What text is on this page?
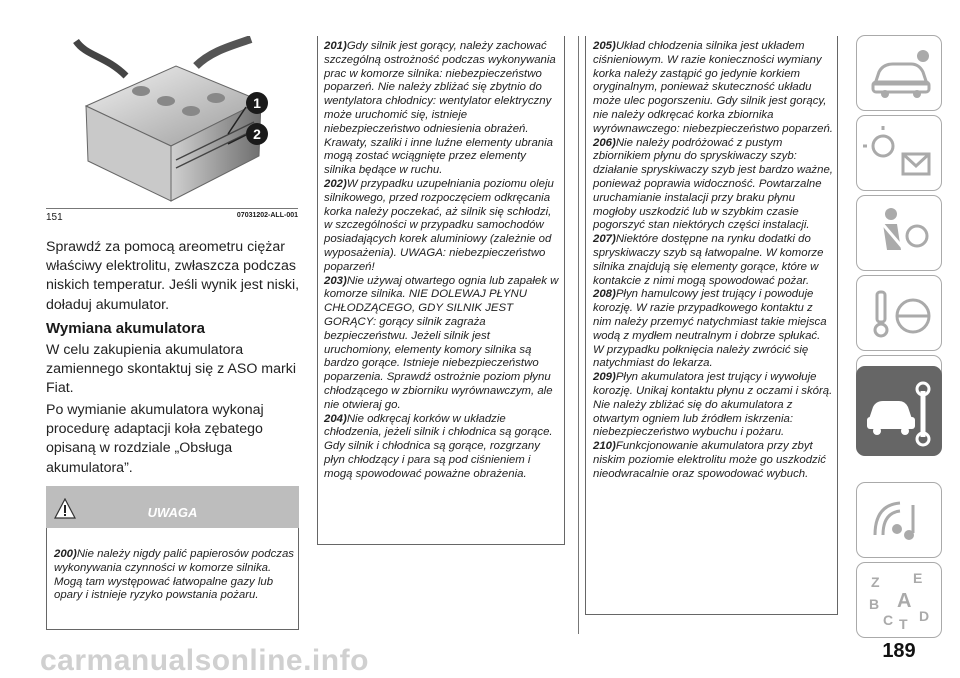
1
2
151	07031202-ALL-001
Sprawdź za pomocą areometru ciężar właściwy elektrolitu, zwłaszcza podczas niskich temperatur. Jeśli wynik jest niski, doładuj akumulator.
Wymiana akumulatora
W celu zakupienia akumulatora zamiennego skontaktuj się z ASO marki Fiat.
Po wymianie akumulatora wykonaj procedurę adaptacji koła zębatego opisaną w rozdziale „Obsługa akumulatora”.
UWAGA
200)Nie należy nigdy palić papierosów podczas wykonywania czynności w komorze silnika. Mogą tam występować łatwopalne gazy lub opary i istnieje ryzyko powstania pożaru.

201)Gdy silnik jest gorący, należy zachować szczególną ostrożność podczas wykonywania prac w komorze silnika: niebezpieczeństwo poparzeń. Nie należy zbliżać się zbytnio do wentylatora chłodnicy: wentylator elektryczny może uruchomić się, istnieje niebezpieczeństwo odniesienia obrażeń. Krawaty, szaliki i inne luźne elementy ubrania mogą zostać wciągnięte przez elementy silnika będące w ruchu.

202)W przypadku uzupełniania poziomu oleju silnikowego, przed rozpoczęciem odkręcania korka należy poczekać, aż silnik się schłodzi, w szczególności w przypadku samochodów posiadających korek aluminiowy (zależnie od wyposażenia). UWAGA: niebezpieczeństwo poparzeń!

203)Nie używaj otwartego ognia lub zapałek w komorze silnika. NIE DOLEWAJ PŁYNU CHŁODZĄCEGO, GDY SILNIK JEST GORĄCY: gorący silnik zagraża bezpieczeństwu. Jeżeli silnik jest uruchomiony, elementy komory silnika są bardzo gorące. Istnieje niebezpieczeństwo poparzenia. Sprawdź ostrożnie poziom płynu chłodzącego w zbiorniku wyrównawczym, ale nie otwieraj go.

204)Nie odkręcaj korków w układzie chłodzenia, jeżeli silnik i chłodnica są gorące. Gdy silnik i chłodnica są gorące, rozgrzany płyn chłodzący i para są pod ciśnieniem i mogą spowodować poważne obrażenia.

205)Układ chłodzenia silnika jest układem ciśnieniowym. W razie konieczności wymiany korka należy zastąpić go jedynie korkiem oryginalnym, ponieważ skuteczność układu może ulec pogorszeniu. Gdy silnik jest gorący, nie należy odkręcać korka zbiornika wyrównawczego: niebezpieczeństwo poparzeń.

206)Nie należy podróżować z pustym zbiornikiem płynu do spryskiwaczy szyb: działanie spryskiwaczy szyb jest bardzo ważne, ponieważ poprawia widoczność. Powtarzalne uruchamianie instalacji przy braku płynu mogłoby uszkodzić lub w szybkim czasie pogorszyć stan niektórych części instalacji.

207)Niektóre dostępne na rynku dodatki do spryskiwaczy szyb są łatwopalne. W komorze silnika znajdują się elementy gorące, które w kontakcie z nimi mogą spowodować pożar.

208)Płyn hamulcowy jest trujący i powoduje korozję. W razie przypadkowego kontaktu z nim należy przemyć natychmiast takie miejsca wodą z mydłem neutralnym i dobrze spłukać. W przypadku połknięcia należy zwrócić się natychmiast do lekarza.

209)Płyn akumulatora jest trujący i wywołuje korozję. Unikaj kontaktu płynu z oczami i skórą. Nie należy zbliżać się do akumulatora z otwartym ogniem lub źródłem iskrzenia: niebezpieczeństwo wybuchu i pożaru.

210)Funkcjonowanie akumulatora przy zbyt niskim poziomie elektrolitu może go uszkodzić nieodwracalnie oraz spowodować wybuch.

Z E
B A
C T D
189
carmanualsonline.info
